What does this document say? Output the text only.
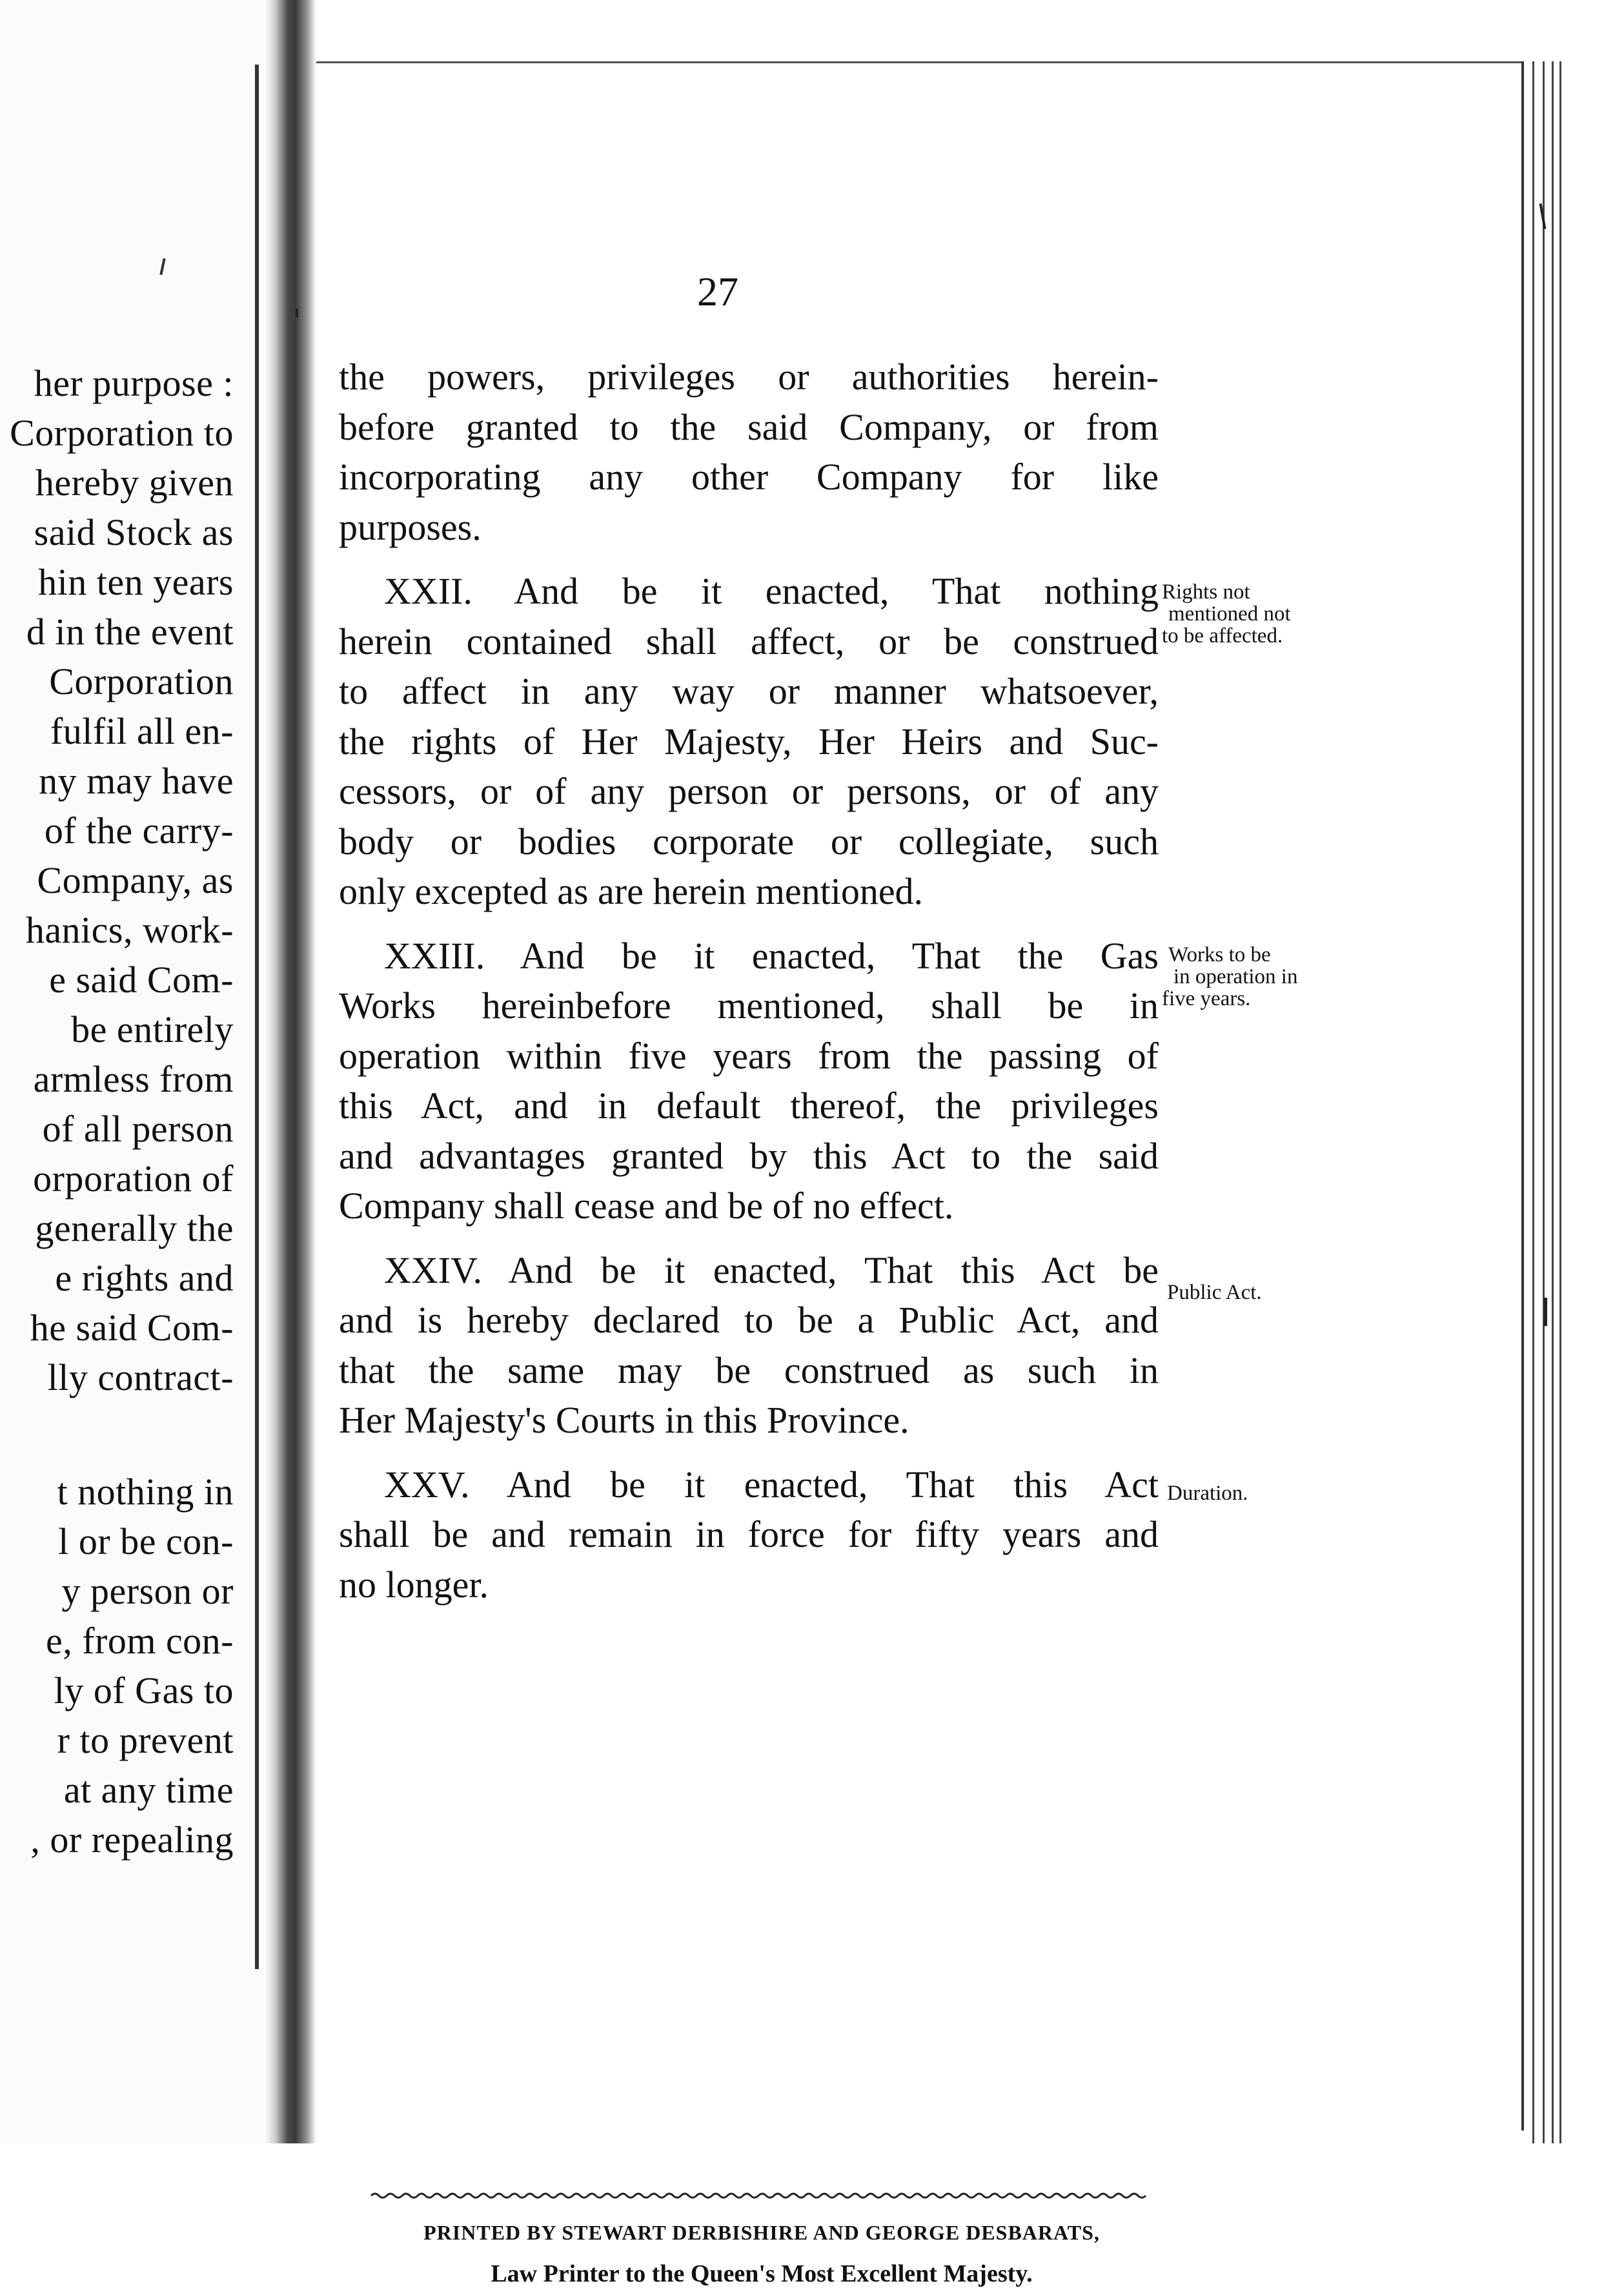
her purpose :
Corporation to
hereby given
said Stock as
hin ten years
d in the event
Corporation
fulfil all en-
ny may have
of the carry-
Company, as
hanics, work-
e said Com-
be entirely
armless from
of all person
orporation of
generally the
e rights and
he said Com-
lly contract-
t nothing in
l or be con-
y person or
e, from con-
ly of Gas to
r to prevent
at any time
, or repealing
27
the powers, privileges or authorities herein-
before granted to the said Company, or from
incorporating any other Company for like
purposes.
XXII. And be it enacted, That nothing
herein contained shall affect, or be construed
to affect in any way or manner whatsoever,
the rights of Her Majesty, Her Heirs and Suc-
cessors, or of any person or persons, or of any
body or bodies corporate or collegiate, such
only excepted as are herein mentioned.
XXIII. And be it enacted, That the Gas
Works hereinbefore mentioned, shall be in
operation within five years from the passing of
this Act, and in default thereof, the privileges
and advantages granted by this Act to the said
Company shall cease and be of no effect.
XXIV. And be it enacted, That this Act be
and is hereby declared to be a Public Act, and
that the same may be construed as such in
Her Majesty's Courts in this Province.
XXV. And be it enacted, That this Act
shall be and remain in force for fifty years and
no longer.
Rights not
mentioned not
to be affected.
Works to be
in operation in
five years.
Public Act.
Duration.
PRINTED BY STEWART DERBISHIRE AND GEORGE DESBARATS,
Law Printer to the Queen's Most Excellent Majesty.
